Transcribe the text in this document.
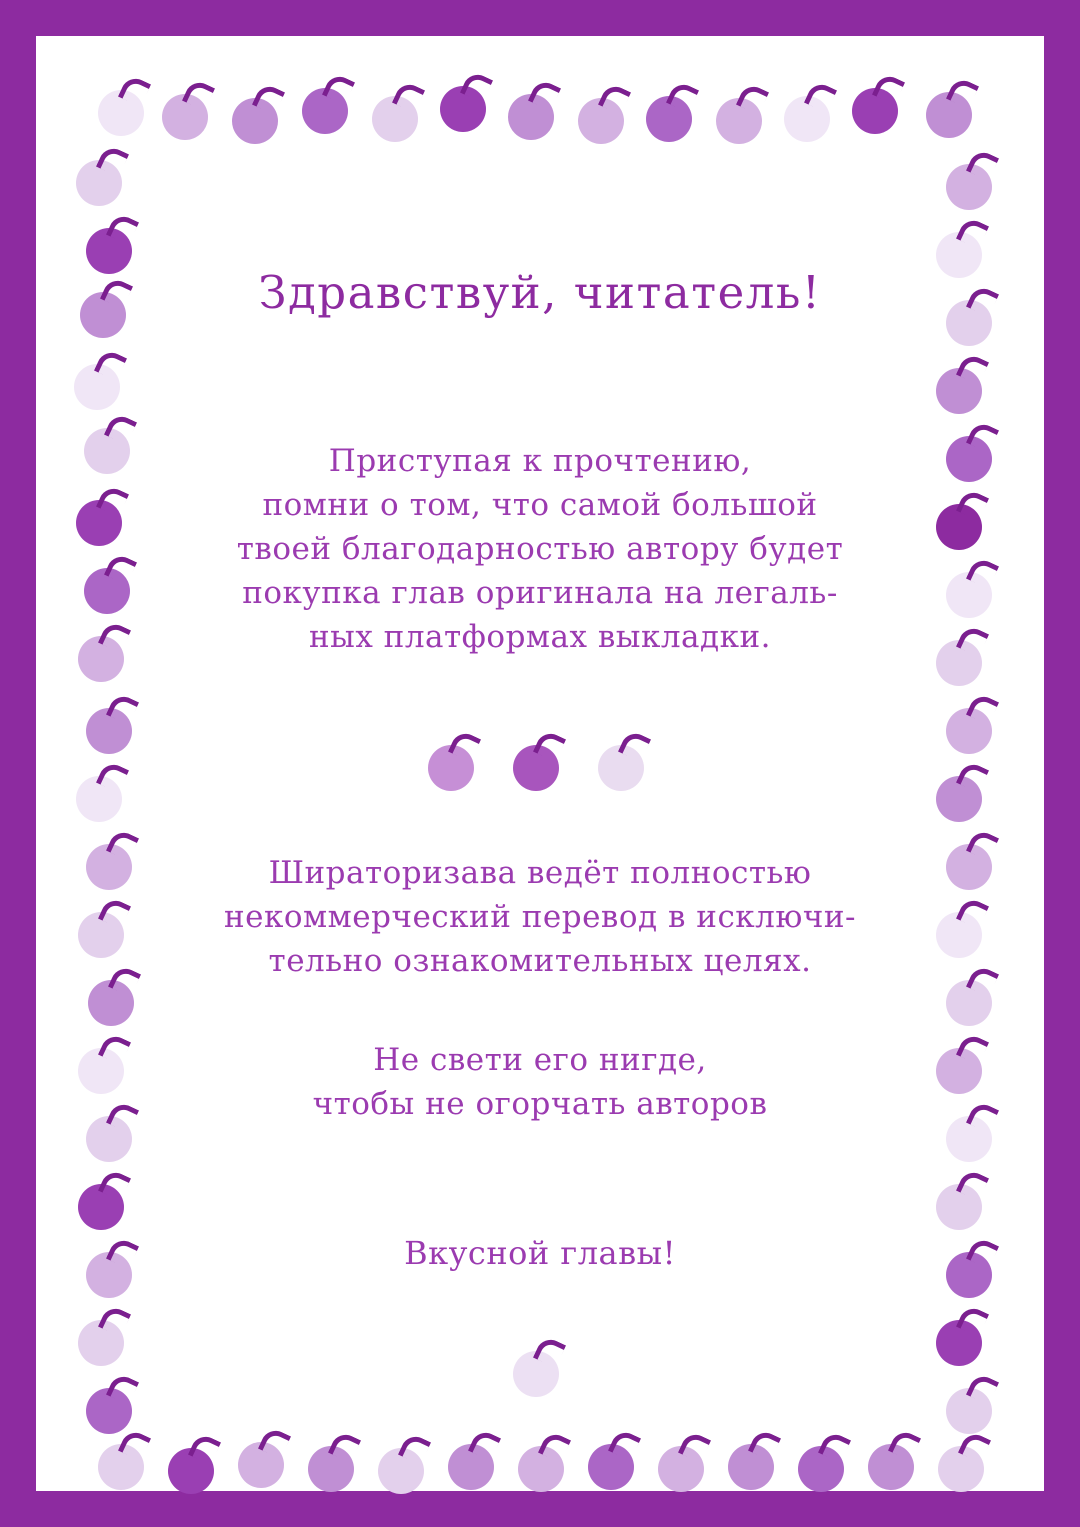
Здравствуй, читатель!
Приступая к прочтению,
помни о том, что самой большой
твоей благодарностью автору будет
покупка глав оригинала на легаль-
ных платформах выкладки.

Шираторизава ведёт полностью
некоммерческий перевод в исключи-
тельно ознакомительных целях.
Не свети его нигде,
чтобы не огорчать авторов
Вкусной главы!
